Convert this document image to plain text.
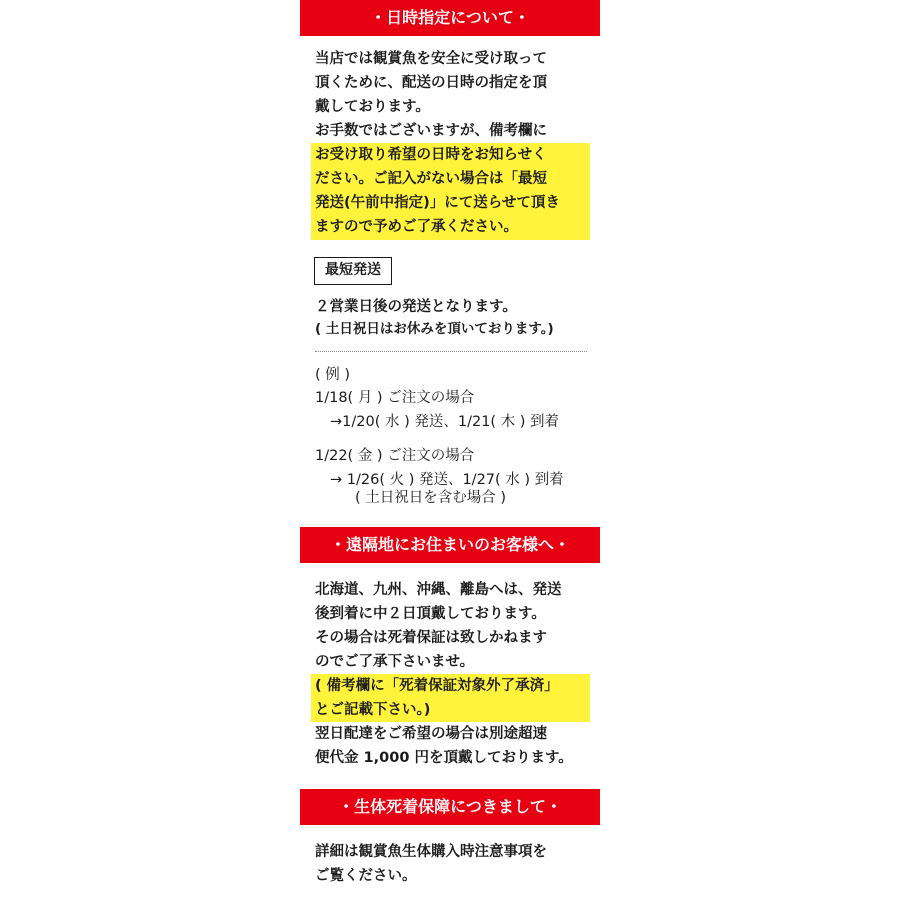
・日時指定について・
当店では観賞魚を安全に受け取って
頂くために、配送の日時の指定を頂
戴しております。
お手数ではございますが、備考欄に
お受け取り希望の日時をお知らせく
ださい。ご記入がない場合は「最短
発送(午前中指定)」にて送らせて頂き
ますので予めご了承ください。
最短発送
２営業日後の発送となります。
( 土日祝日はお休みを頂いております。)
( 例 )
1/18( 月 ) ご注文の場合
→1/20( 水 ) 発送、1/21( 木 ) 到着
1/22( 金 ) ご注文の場合
→ 1/26( 火 ) 発送、1/27( 水 ) 到着
( 土日祝日を含む場合 )
・遠隔地にお住まいのお客様へ・
北海道、九州、沖縄、離島へは、発送
後到着に中２日頂戴しております。
その場合は死着保証は致しかねます
のでご了承下さいませ。
( 備考欄に「死着保証対象外了承済」
とご記載下さい。)
翌日配達をご希望の場合は別途超速
便代金 1,000 円を頂戴しております。
・生体死着保障につきまして・
詳細は観賞魚生体購入時注意事項を
ご覧ください。
